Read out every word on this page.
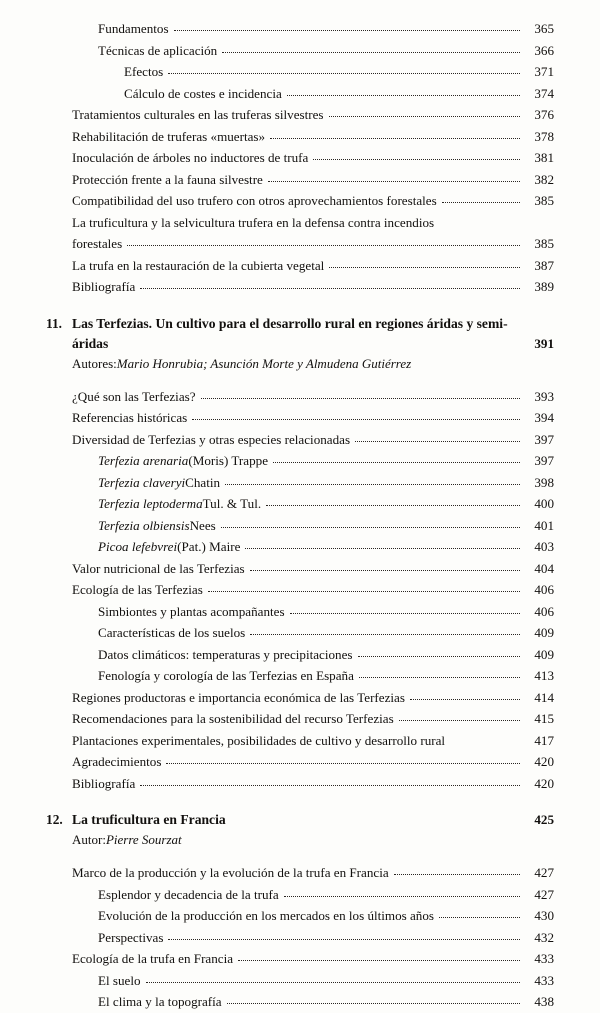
Fundamentos	365
Técnicas de aplicación	366
Efectos	371
Cálculo de costes e incidencia	374
Tratamientos culturales en las truferas silvestres	376
Rehabilitación de truferas «muertas»	378
Inoculación de árboles no inductores de trufa	381
Protección frente a la fauna silvestre	382
Compatibilidad del uso trufero con otros aprovechamientos forestales	385
La truficultura y la selvicultura trufera en la defensa contra incendios
forestales	385
La trufa en la restauración de la cubierta vegetal	387
Bibliografía	389
11. Las Terfezias. Un cultivo para el desarrollo rural en regiones áridas y semi-
áridas	391
Autores: Mario Honrubia; Asunción Morte y Almudena Gutiérrez
¿Qué son las Terfezias?	393
Referencias históricas	394
Diversidad de Terfezias y otras especies relacionadas	397
Terfezia arenaria (Moris) Trappe	397
Terfezia claveryi Chatin	398
Terfezia leptoderma Tul. & Tul.	400
Terfezia olbiensis Nees	401
Picoa lefebvrei (Pat.) Maire	403
Valor nutricional de las Terfezias	404
Ecología de las Terfezias	406
Simbiontes y plantas acompañantes	406
Características de los suelos	409
Datos climáticos: temperaturas y precipitaciones	409
Fenología y corología de las Terfezias en España	413
Regiones productoras e importancia económica de las Terfezias	414
Recomendaciones para la sostenibilidad del recurso Terfezias	415
Plantaciones experimentales, posibilidades de cultivo y desarrollo rural	417
Agradecimientos	420
Bibliografía	420
12. La truficultura en Francia	425
Autor: Pierre Sourzat
Marco de la producción y la evolución de la trufa en Francia	427
Esplendor y decadencia de la trufa	427
Evolución de la producción en los mercados en los últimos años	430
Perspectivas	432
Ecología de la trufa en Francia	433
El suelo	433
El clima y la topografía	438
